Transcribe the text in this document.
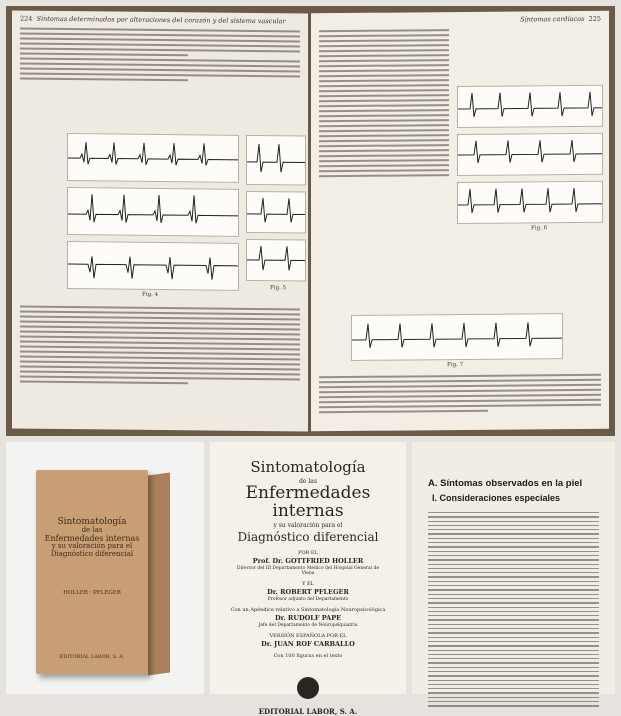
224 Síntomas determinados por alteraciones del corazón y del sistema vascular
Fig. 4
Fig. 5
Síntomas cardíacos 225
Fig. 6
Fig. 7
Sintomatología
de las
Enfermedades internas
y su valoración para el
Diagnóstico diferencial
HOLLER · PFLEGER
EDITORIAL LABOR, S. A.
Sintomatología
de las
Enfermedades internas
y su valoración para el
Diagnóstico diferencial
POR EL
Prof. Dr. GOTTFRIED HOLLER
Director del III Departamento Médico del Hospital General de Viena
Y EL
Dr. ROBERT PFLEGER
Profesor adjunto del Departamento
Con un Apéndice relativo a Sintomatología Neuropsicológica
Dr. RUDOLF PAPE
Jefe del Departamento de Neuropsiquiatría
VERSIÓN ESPAÑOLA POR EL
Dr. JUAN ROF CARBALLO
Con 100 figuras en el texto
EDITORIAL LABOR, S. A.
A. Síntomas observados en la piel
I. Consideraciones especiales
